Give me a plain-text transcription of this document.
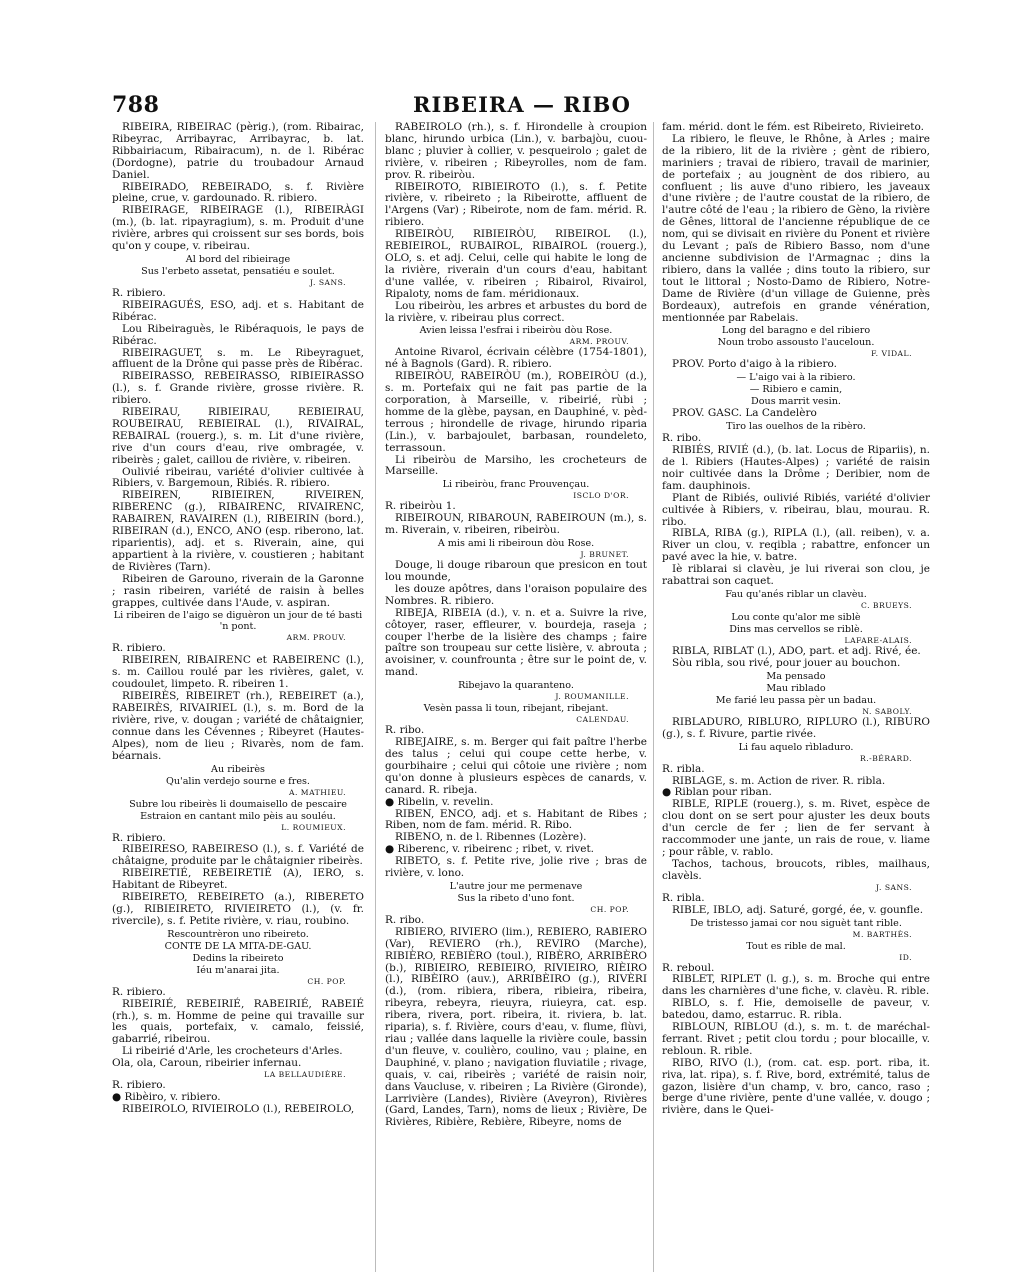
788	RIBEIRA — RIBO
RIBEIRA, RIBEIRAC (pèrig.), (rom. Ribairac, Ribeyrac, Arribayrac, Arribayrac, b. lat. Ribbairiacum, Ribairacum), n. de l. Ribérac (Dordogne), patrie du troubadour Arnaud Daniel.
RIBEIRADO, REBEIRADO, s. f. Rivière pleine, crue, v. gardounado. R. ribiero.
RIBEIRAGE, RIBEIRAGE (l.), RIBEIRÀGI (m.), (b. lat. ripayragium), s. m. Produit d'une rivière, arbres qui croissent sur ses bords, bois qu'on y coupe, v. ribeirau.
Al bord del ribieirage
Sus l'erbeto assetat, pensatiéu e soulet.
J. SANS.
R. ribiero.
RIBEIRAGUÉS, ESO, adj. et s. Habitant de Ribérac.
Lou Ribeiraguès, le Ribéraquois, le pays de Ribérac.
RIBEIRAGUET, s. m. Le Ribeyraguet, affluent de la Drône qui passe près de Ribérac.
RIBEIRASSO, REBEIRASSO, RIBIEIRASSO (l.), s. f. Grande rivière, grosse rivière. R. ribiero.
RIBEIRAU, RIBIEIRAU, REBIEIRAU, ROUBEIRAU, REBIEIRAL (l.), RIVAIRAL, REBAIRAL (rouerg.), s. m. Lit d'une rivière, rive d'un cours d'eau, rive ombragée, v. ribeirès ; galet, caillou de rivière, v. ribeiren.
Oulivié ribeirau, variété d'olivier cultivée à Ribiers, v. Bargemoun, Ribiés. R. ribiero.
RIBEIREN, RIBIEIREN, RIVEIREN, RIBERENC (g.), RIBAIRENC, RIVAIRENC, RABAIREN, RAVAIREN (l.), RIBEIRIN (bord.), RIBEIRAN (d.), ENCO, ANO (esp. riberono, lat. riparientis), adj. et s. Riverain, aine, qui appartient à la rivière, v. coustieren ; habitant de Rivières (Tarn).
Ribeiren de Garouno, riverain de la Garonne ; rasin ribeiren, variété de raisin à belles grappes, cultivée dans l'Aude, v. aspiran.
Li ribeiren de l'aigo se diguèron un jour de té basti 'n pont.
ARM. PROUV.
R. ribiero.
RIBEIREN, RIBAIRENC et RABEIRENC (l.), s. m. Caillou roulé par les rivières, galet, v. coudoulet, limpeto. R. ribeiren 1.
RIBEIRÈS, RIBEIRET (rh.), REBEIRET (a.), RABEIRÈS, RIVAIRIEL (l.), s. m. Bord de la rivière, rive, v. dougan ; variété de châtaignier, connue dans les Cévennes ; Ribeyret (Hautes-Alpes), nom de lieu ; Rivarès, nom de fam. béarnais.
Au ribeirès
Qu'alin verdejo sourne e fres.
A. MATHIEU.
Subre lou ribeirès li doumaisello de pescaire
Estraion en cantant milo pèis au souléu.
L. ROUMIEUX.
R. ribiero.
RIBEIRESO, RABEIRESO (l.), s. f. Variété de châtaigne, produite par le châtaignier ribeirès.
RIBEIRETIÉ, REBEIRETIÉ (A), IERO, s. Habitant de Ribeyret.
RIBEIRETO, REBEIRETO (a.), RIBERETO (g.), RIBIEIRETO, RIVIEIRETO (l.), (v. fr. rivercile), s. f. Petite rivière, v. riau, roubino.
Rescountrèron uno ribeireto.
CONTE DE LA MITA-DE-GAU.
Dedins la ribeireto
Iéu m'anarai jita.
CH. POP.
R. ribiero.
RIBEIRIÉ, REBEIRIÉ, RABEIRIÉ, RABEIÉ (rh.), s. m. Homme de peine qui travaille sur les quais, portefaix, v. camalo, feissié, gabarrié, ribeirou.
Li ribeirié d'Arle, les crocheteurs d'Arles.
Ola, ola, Caroun, ribeirier infernau.
LA BELLAUDIÈRE.
R. ribiero.
● Ribèiro, v. ribiero.
RIBEIROLO, RIVIEIROLO (l.), REBEIROLO,
RABEIROLO (rh.), s. f. Hirondelle à croupion blanc, hirundo urbica (Lin.), v. barbajòu, cuou-blanc ; pluvier à collier, v. pesqueirolo ; galet de rivière, v. ribeiren ; Ribeyrolles, nom de fam. prov. R. ribeiròu.
RIBEIROTO, RIBIEIROTO (l.), s. f. Petite rivière, v. ribeireto ; la Ribeirotte, affluent de l'Argens (Var) ; Ribeirote, nom de fam. mérid. R. ribiero.
RIBEIRÒU, RIBIEIRÒU, RIBEIROL (l.), REBIEIROL, RUBAIROL, RIBAIROL (rouerg.), OLO, s. et adj. Celui, celle qui habite le long de la rivière, riverain d'un cours d'eau, habitant d'une vallée, v. ribeiren ; Ribairol, Rivairol, Ripaloty, noms de fam. méridionaux.
Lou ribeiròu, les arbres et arbustes du bord de la rivière, v. ribeirau plus correct.
Avien leissa l'esfrai i ribeiròu dòu Rose.
ARM. PROUV.
Antoine Rivarol, écrivain célèbre (1754-1801), né à Bagnols (Gard). R. ribiero.
RIBEIRÒU, RABEIRÒU (m.), ROBEIRÒU (d.), s. m. Portefaix qui ne fait pas partie de la corporation, à Marseille, v. ribeirié, rùbi ; homme de la glèbe, paysan, en Dauphiné, v. pèd-terrous ; hirondelle de rivage, hirundo riparia (Lin.), v. barbajoulet, barbasan, roundeleto, terrassoun.
Li ribeiròu de Marsiho, les crocheteurs de Marseille.
Li ribeiròu, franc Prouvençau.
ISCLO D'OR.
R. ribeiròu 1.
RIBEIROUN, RIBAROUN, RABEIROUN (m.), s. m. Riverain, v. ribeiren, ribeiròu.
A mis ami li ribeiroun dòu Rose.
J. BRUNET.
Douge, li douge ribaroun que presicon en tout lou mounde,
les douze apôtres, dans l'oraison populaire des Nombres. R. ribiero.
RIBEJA, RIBEIA (d.), v. n. et a. Suivre la rive, côtoyer, raser, effleurer, v. bourdeja, raseja ; couper l'herbe de la lisière des champs ; faire paître son troupeau sur cette lisière, v. abrouta ; avoisiner, v. counfrounta ; être sur le point de, v. mand.
Ribejavo la quaranteno.
J. ROUMANILLE.
Vesèn passa li toun, ribejant, ribejant.
CALENDAU.
R. ribo.
RIBEJAIRE, s. m. Berger qui fait paître l'herbe des talus ; celui qui coupe cette herbe, v. gourbihaire ; celui qui côtoie une rivière ; nom qu'on donne à plusieurs espèces de canards, v. canard. R. ribeja.
● Ribelin, v. revelin.
RIBEN, ENCO, adj. et s. Habitant de Ribes ; Riben, nom de fam. mérid. R. Ribo.
RIBENO, n. de l. Ribennes (Lozère).
● Riberenc, v. ribeirenc ; ribet, v. rivet.
RIBETO, s. f. Petite rive, jolie rive ; bras de rivière, v. lono.
L'autre jour me permenave
Sus la ribeto d'uno font.
CH. POP.
R. ribo.
RIBIERO, RIVIERO (lim.), REBIERO, RABIERO (Var), REVIERO (rh.), REVIRO (Marche), RIBIÈRO, REBIÈRO (toul.), RIBÈRO, ARRIBÈRO (b.), RIBIEIRO, REBIEIRO, RIVIEIRO, RIÈIRO (l.), RIBÈIRO (auv.), ARRIBÈIRO (g.), RIVÈRI (d.), (rom. ribiera, ribera, ribieira, ribeira, ribeyra, rebeyra, rieuyra, riuieyra, cat. esp. ribera, rivera, port. ribeira, it. riviera, b. lat. riparia), s. f. Rivière, cours d'eau, v. flume, flùvi, riau ; vallée dans laquelle la rivière coule, bassin d'un fleuve, v. coulièro, coulino, vau ; plaine, en Dauphiné, v. plano ; navigation fluviatile ; rivage, quais, v. cai, ribeirès ; variété de raisin noir, dans Vaucluse, v. ribeiren ; La Rivière (Gironde), Larrivière (Landes), Rivière (Aveyron), Rivières (Gard, Landes, Tarn), noms de lieux ; Rivière, De Rivières, Ribière, Rebière, Ribeyre, noms de
fam. mérid. dont le fém. est Ribeireto, Rivieireto.
La ribiero, le fleuve, le Rhône, à Arles ; maire de la ribiero, lit de la rivière ; gènt de ribiero, mariniers ; travai de ribiero, travail de marinier, de portefaix ; au jougnènt de dos ribiero, au confluent ; lis auve d'uno ribiero, les javeaux d'une rivière ; de l'autre coustat de la ribiero, de l'autre côté de l'eau ; la ribiero de Gèno, la rivière de Gênes, littoral de l'ancienne république de ce nom, qui se divisait en rivière du Ponent et rivière du Levant ; païs de Ribiero Basso, nom d'une ancienne subdivision de l'Armagnac ; dins la ribiero, dans la vallée ; dins touto la ribiero, sur tout le littoral ; Nosto-Damo de Ribiero, Notre-Dame de Rivière (d'un village de Guienne, près Bordeaux), autrefois en grande vénération, mentionnée par Rabelais.
Long del baragno e del ribiero
Noun trobo assousto l'auceloun.
F. VIDAL.
PROV. Porto d'aigo à la ribiero.
— L'aigo vai à la ribiero.
— Ribiero e camin,
Dous marrit vesin.
PROV. GASC. La Candelèro
Tiro las ouelhos de la ribèro.
R. ribo.
RIBIÉS, RIVIÉ (d.), (b. lat. Locus de Ripariis), n. de l. Ribiers (Hautes-Alpes) ; variété de raisin noir cultivée dans la Drôme ; Deribier, nom de fam. dauphinois.
Plant de Ribiés, oulivié Ribiés, variété d'olivier cultivée à Ribiers, v. ribeirau, blau, mourau. R. ribo.
RIBLA, RIBA (g.), RIPLA (l.), (all. reiben), v. a. River un clou, v. reqibla ; rabattre, enfoncer un pavé avec la hie, v. batre.
Iè riblarai si clavèu, je lui riverai son clou, je rabattrai son caquet.
Fau qu'anés riblar un clavèu.
C. BRUEYS.
Lou conte qu'alor me siblè
Dins mas cervellos se riblè.
LAFARE-ALAIS.
RIBLA, RIBLAT (l.), ADO, part. et adj. Rivé, ée.
Sòu ribla, sou rivé, pour jouer au bouchon.
Ma pensado
Mau riblado
Me farié leu passa pèr un badau.
N. SABOLY.
RIBLADURO, RIBLURO, RIPLURO (l.), RIBURO (g.), s. f. Rivure, partie rivée.
Li fau aquelo rìbladuro.
R.-BÉRARD.
R. ribla.
RIBLAGE, s. m. Action de river. R. ribla.
● Riblan pour riban.
RIBLE, RIPLE (rouerg.), s. m. Rivet, espèce de clou dont on se sert pour ajuster les deux bouts d'un cercle de fer ; lien de fer servant à raccommoder une jante, un rais de roue, v. liame ; pour râble, v. rablo.
Tachos, tachous, broucots, ribles, mailhaus, clavèls.
J. SANS.
R. ribla.
RIBLE, IBLO, adj. Saturé, gorgé, ée, v. gounfle.
De tristesso jamai cor nou siguèt tant rible.
M. BARTHÈS.
Tout es rible de mal.
ID.
R. reboul.
RIBLET, RIPLET (l. g.), s. m. Broche qui entre dans les charnières d'une fiche, v. clavèu. R. rible.
RIBLO, s. f. Hie, demoiselle de paveur, v. batedou, damo, estarruc. R. ribla.
RIBLOUN, RIBLOU (d.), s. m. t. de maréchal-ferrant. Rivet ; petit clou tordu ; pour blocaille, v. rebloun. R. rible.
RIBO, RIVO (l.), (rom. cat. esp. port. riba, it. riva, lat. ripa), s. f. Rive, bord, extrémité, talus de gazon, lisière d'un champ, v. bro, canco, raso ; berge d'une rivière, pente d'une vallée, v. dougo ; rivière, dans le Quei-
